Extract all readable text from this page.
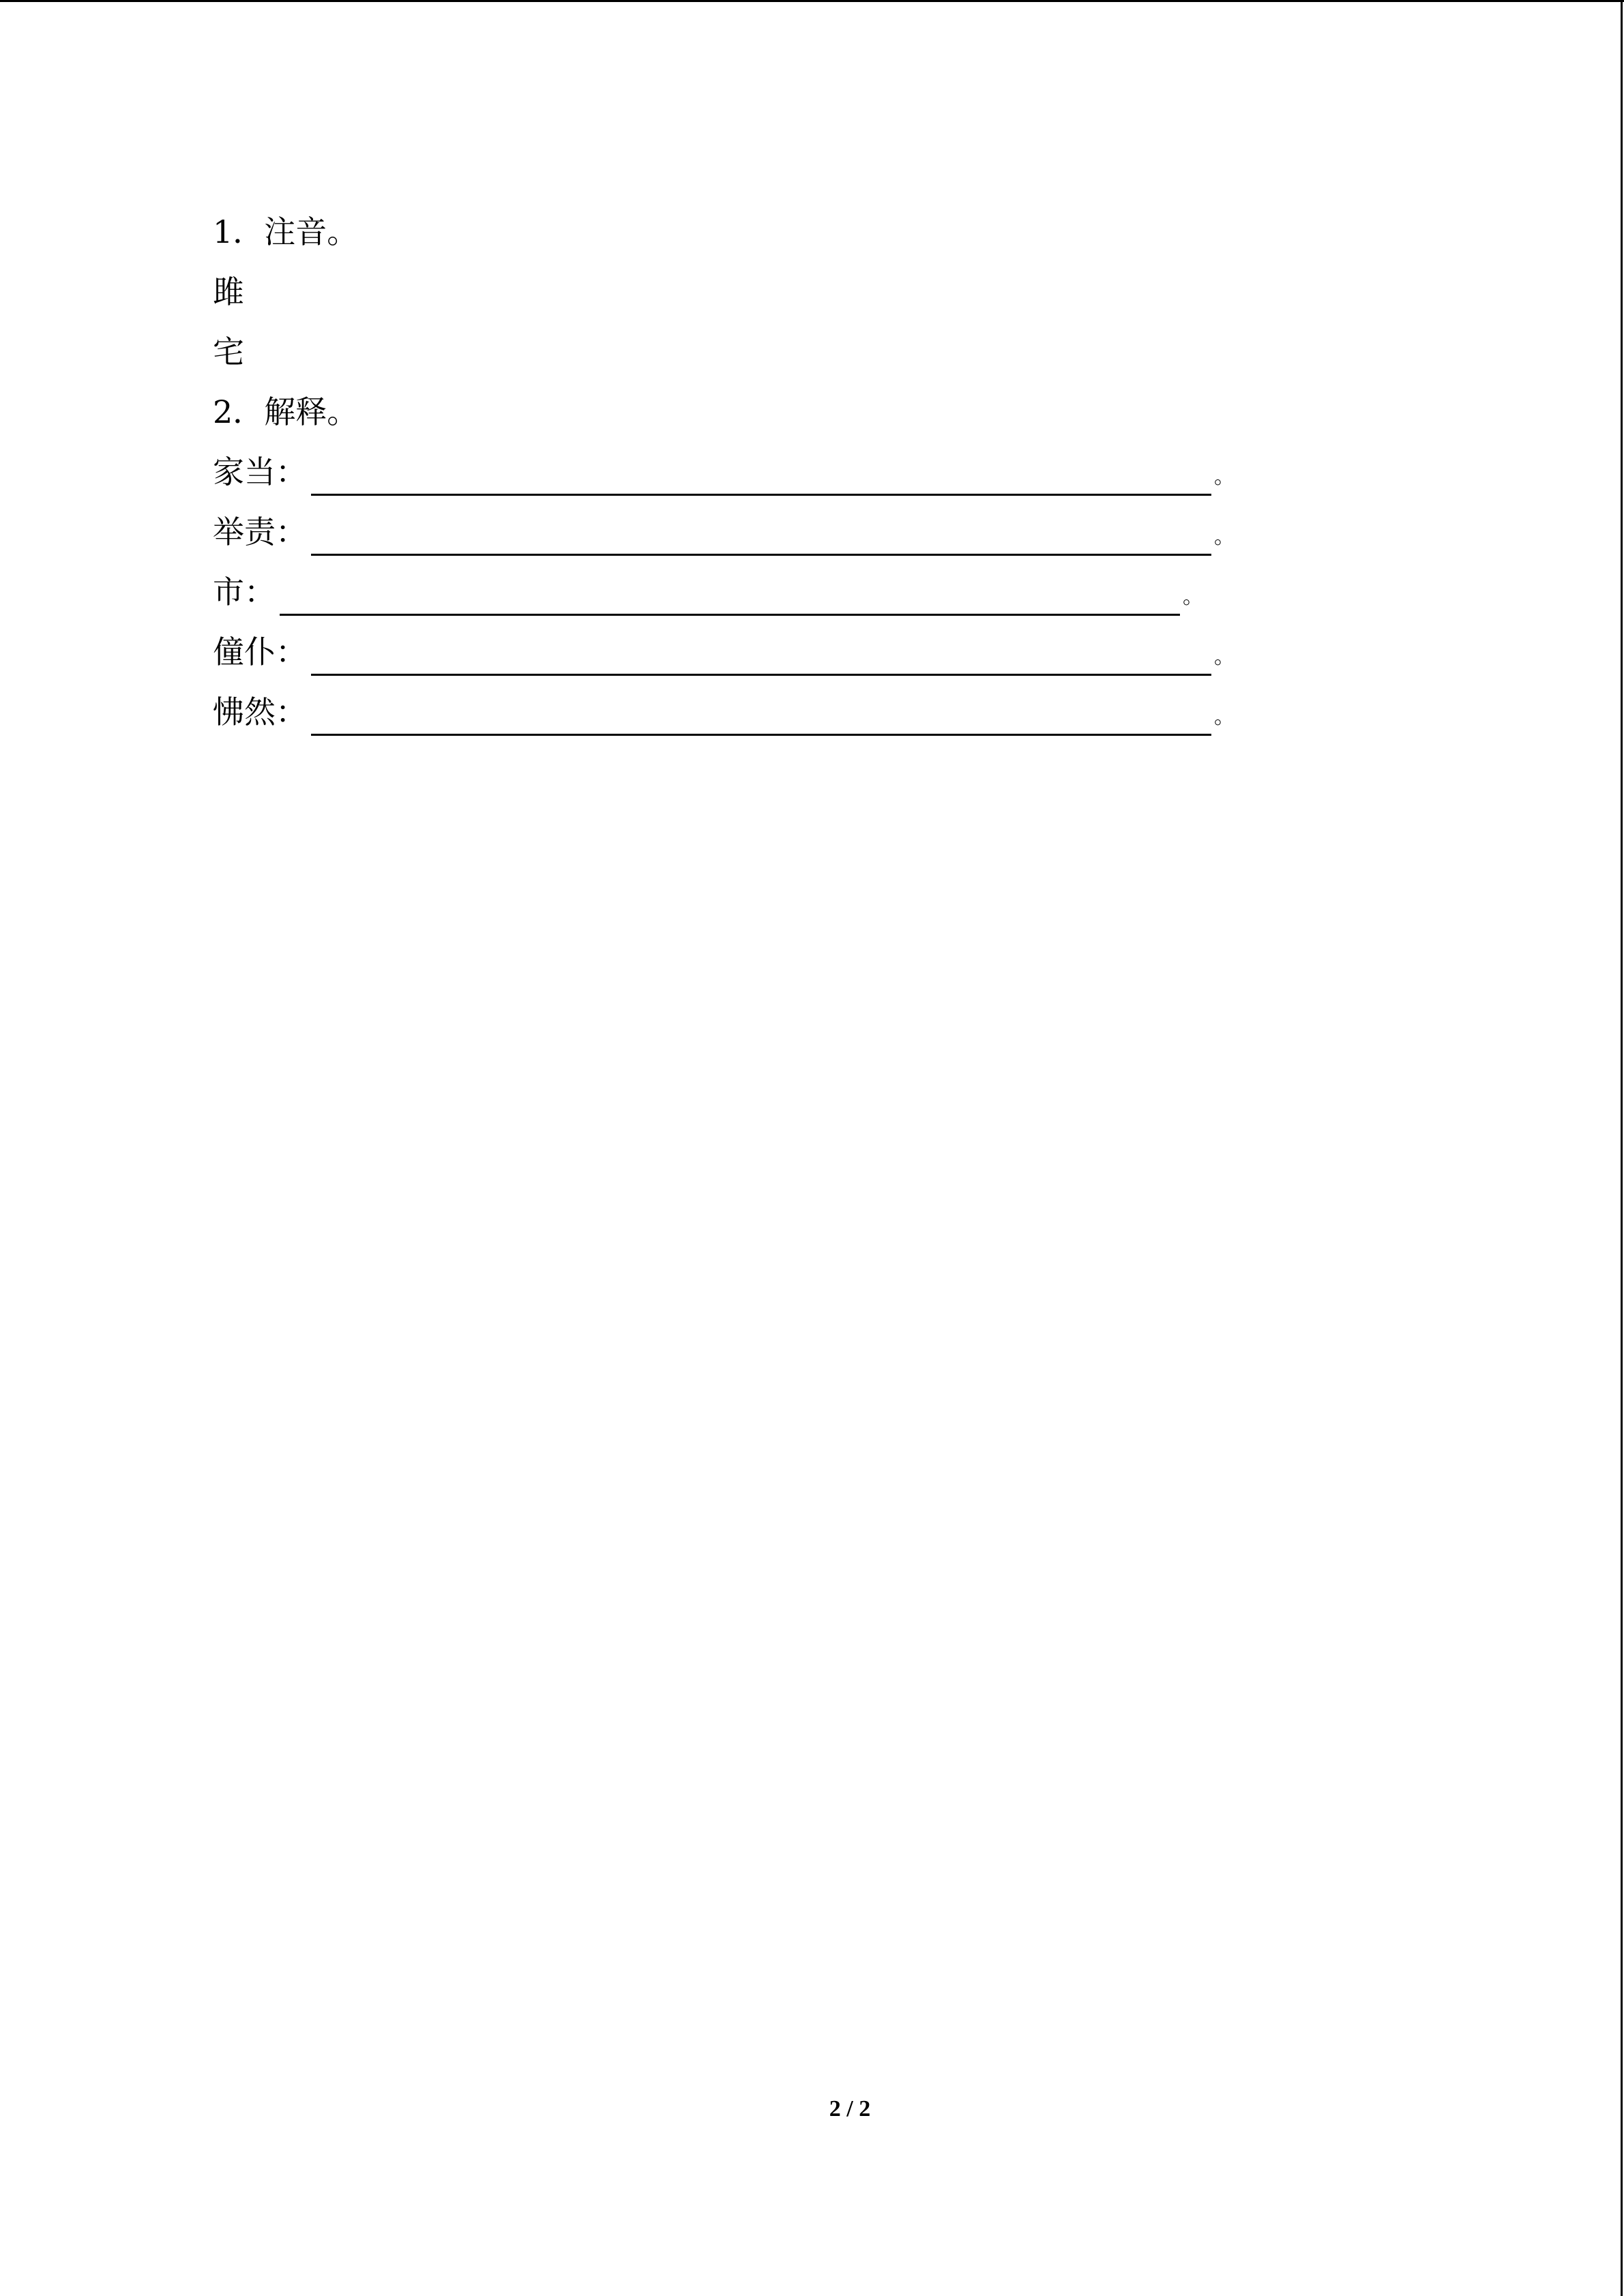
1．注音。
雎
宅
2．解释。
家当：	。
举责：	。
市：	。
僮仆：	。
怫然：	。
2 / 2
